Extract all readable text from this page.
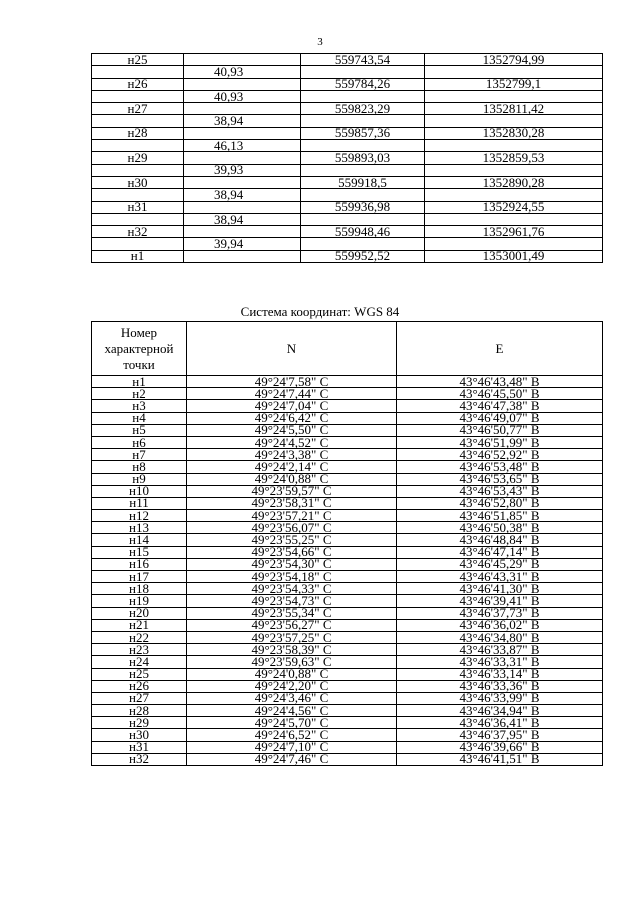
3
н25		559743,54	1352794,99
	40,93		
н26		559784,26	1352799,1
	40,93		
н27		559823,29	1352811,42
	38,94		
н28		559857,36	1352830,28
	46,13		
н29		559893,03	1352859,53
	39,93		
н30		559918,5	1352890,28
	38,94		
н31		559936,98	1352924,55
	38,94		
н32		559948,46	1352961,76
	39,94		
н1		559952,52	1353001,49
Система координат: WGS 84
Номер характерной точки	N	E
н1	49°24'7,58" С	43°46'43,48" В
н2	49°24'7,44" С	43°46'45,50" В
н3	49°24'7,04" С	43°46'47,38" В
н4	49°24'6,42" С	43°46'49,07" В
н5	49°24'5,50" С	43°46'50,77" В
н6	49°24'4,52" С	43°46'51,99" В
н7	49°24'3,38" С	43°46'52,92" В
н8	49°24'2,14" С	43°46'53,48" В
н9	49°24'0,88" С	43°46'53,65" В
н10	49°23'59,57" С	43°46'53,43" В
н11	49°23'58,31" С	43°46'52,80" В
н12	49°23'57,21" С	43°46'51,85" В
н13	49°23'56,07" С	43°46'50,38" В
н14	49°23'55,25" С	43°46'48,84" В
н15	49°23'54,66" С	43°46'47,14" В
н16	49°23'54,30" С	43°46'45,29" В
н17	49°23'54,18" С	43°46'43,31" В
н18	49°23'54,33" С	43°46'41,30" В
н19	49°23'54,73" С	43°46'39,41" В
н20	49°23'55,34" С	43°46'37,73" В
н21	49°23'56,27" С	43°46'36,02" В
н22	49°23'57,25" С	43°46'34,80" В
н23	49°23'58,39" С	43°46'33,87" В
н24	49°23'59,63" С	43°46'33,31" В
н25	49°24'0,88" С	43°46'33,14" В
н26	49°24'2,20" С	43°46'33,36" В
н27	49°24'3,46" С	43°46'33,99" В
н28	49°24'4,56" С	43°46'34,94" В
н29	49°24'5,70" С	43°46'36,41" В
н30	49°24'6,52" С	43°46'37,95" В
н31	49°24'7,10" С	43°46'39,66" В
н32	49°24'7,46" С	43°46'41,51" В
